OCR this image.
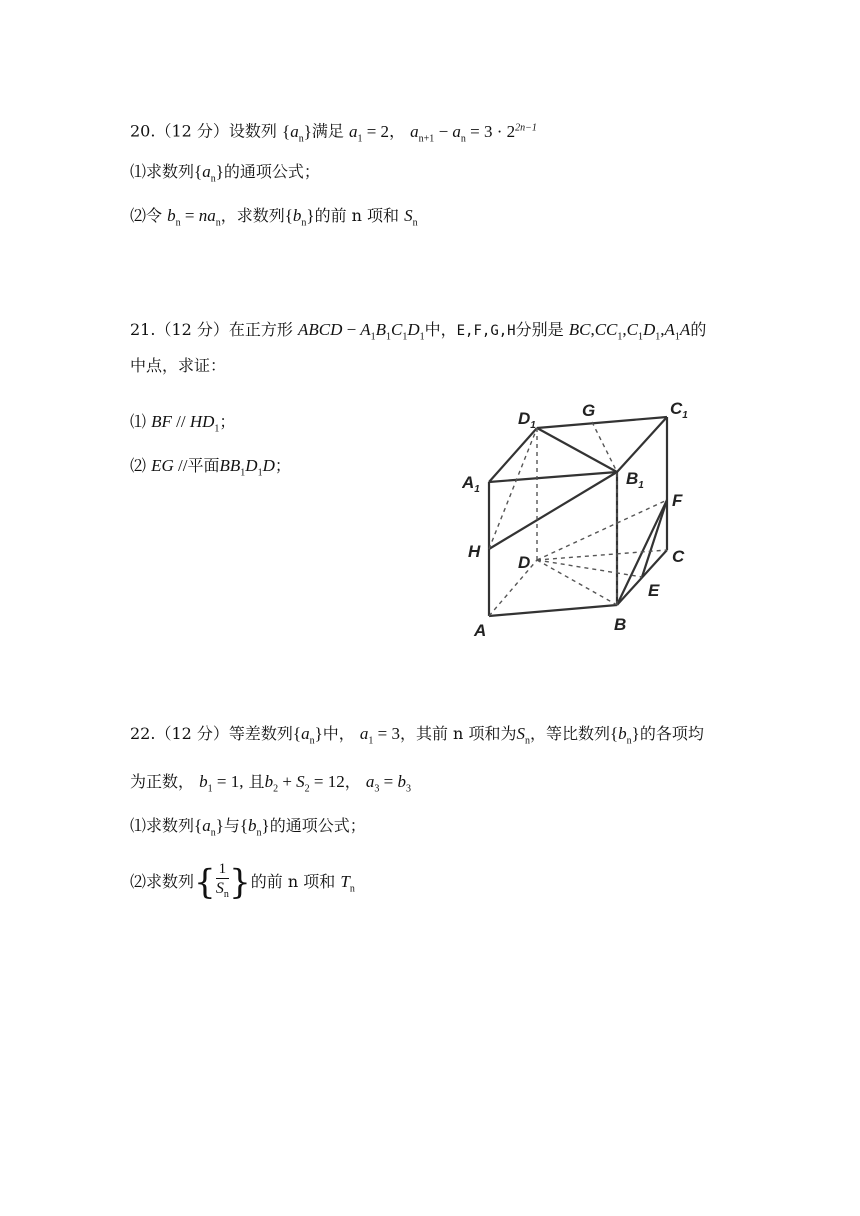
20.（12 分）设数列 $\{a_n\}$满足 $a_1 = 2$， $a_{n+1} - a_n = 3 \cdot 2^{2n-1}$
⑴求数列$\{a_n\}$的通项公式；
⑵令 $b_n = na_n$，求数列$\{b_n\}$的前 n 项和 $S_n$
21.（12 分）在正方形 ABCD − $A_1B_1C_1D_1$中，E,F,G,H分别是 $BC,CC_1,C_1D_1,A_1A$的
中点，求证：
⑴ BF // $HD_1$；
⑵ EG //平面$BB_1D_1D$；
$D_1$
G	$C_1$
$A_1$
$B_1$
F
H
D	C
E
A	B
22.（12 分）等差数列$\{a_n\}$中， $a_1 = 3$，其前 n 项和为$S_n$，等比数列$\{b_n\}$的各项均
为正数， $b_1 = 1$, 且$b_2 + S_2 = 12$， $a_3 = b_3$
⑴求数列$\{a_n\}$与$\{b_n\}$的通项公式；
⑵求数列{ $\frac{1}{S_n}$ }的前 n 项和 $T_n$
